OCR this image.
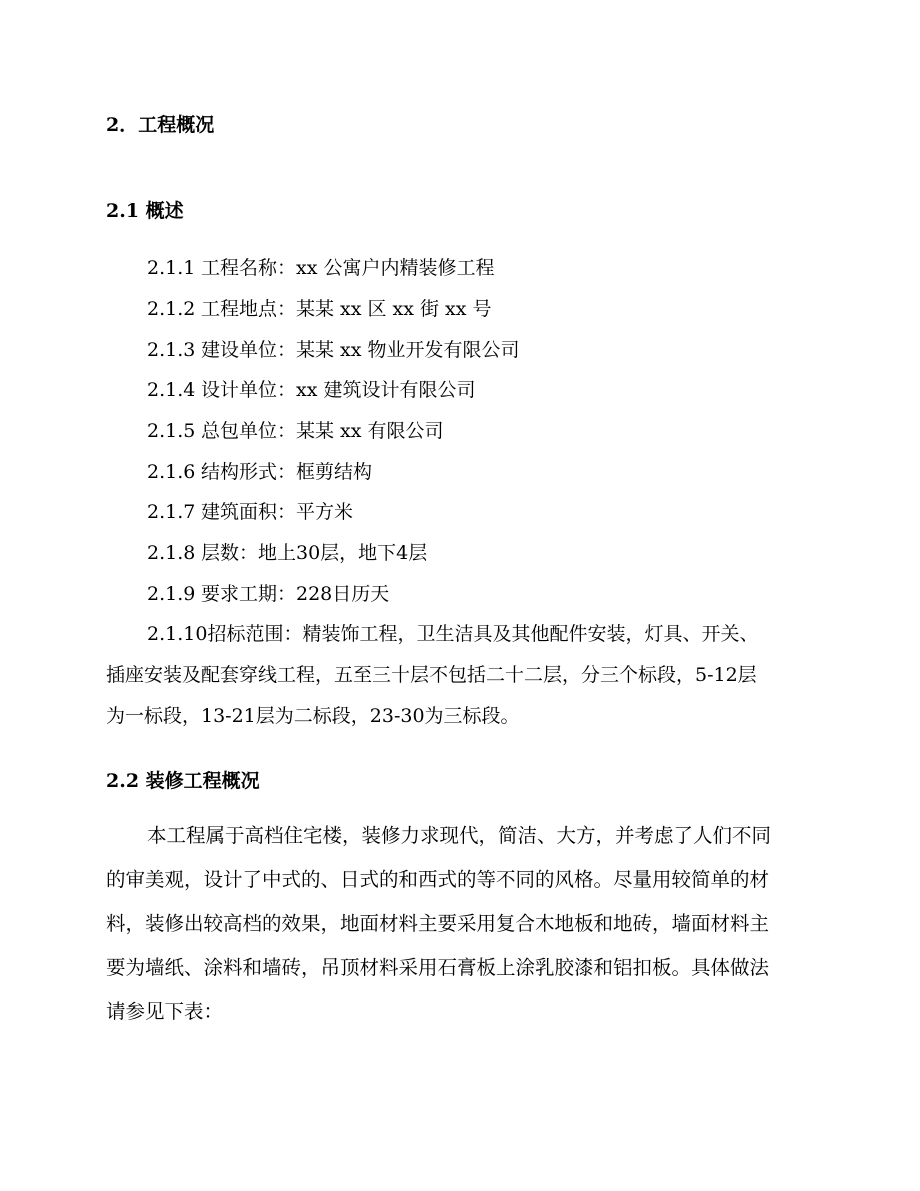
2．工程概况
2.1 概述
2.1.1 工程名称：xx 公寓户内精装修工程
2.1.2 工程地点：某某 xx 区 xx 街 xx 号
2.1.3 建设单位：某某 xx 物业开发有限公司
2.1.4 设计单位：xx 建筑设计有限公司
2.1.5 总包单位：某某 xx 有限公司
2.1.6 结构形式：框剪结构
2.1.7 建筑面积：平方米
2.1.8 层数：地上30层，地下4层
2.1.9 要求工期：228日历天
2.1.10招标范围：精装饰工程，卫生洁具及其他配件安装，灯具、开关、
插座安装及配套穿线工程，五至三十层不包括二十二层，分三个标段，5-12层
为一标段，13-21层为二标段，23-30为三标段。
2.2 装修工程概况
本工程属于高档住宅楼，装修力求现代，简洁、大方，并考虑了人们不同
的审美观，设计了中式的、日式的和西式的等不同的风格。尽量用较简单的材
料，装修出较高档的效果，地面材料主要采用复合木地板和地砖，墙面材料主
要为墙纸、涂料和墙砖，吊顶材料采用石膏板上涂乳胶漆和铝扣板。具体做法
请参见下表：
